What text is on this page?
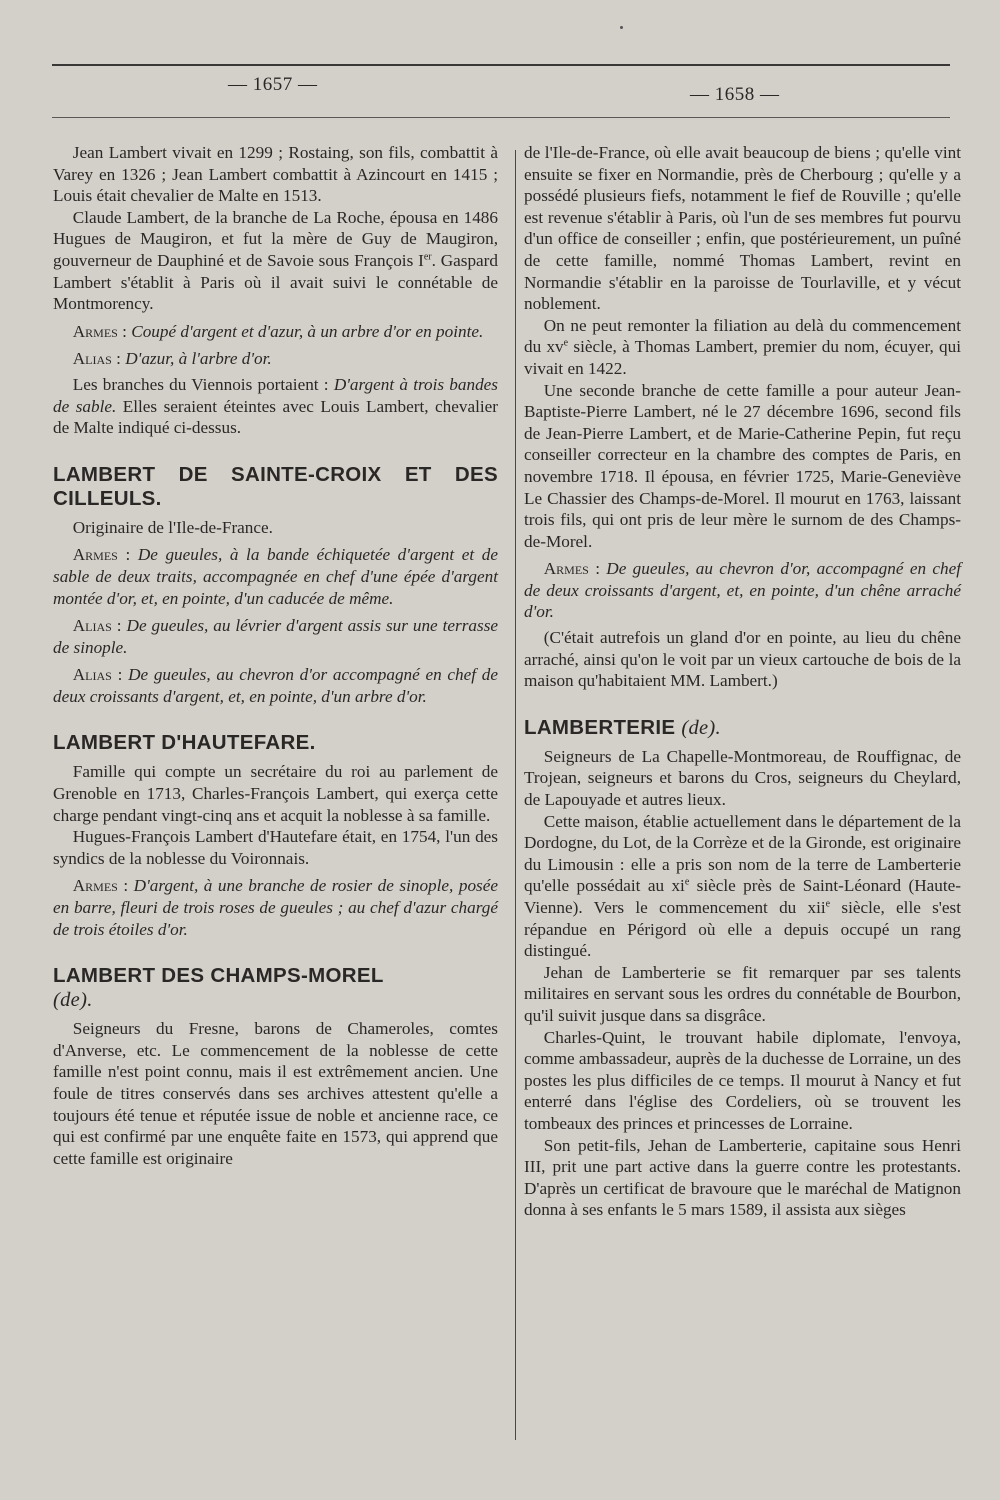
— 1657 —	— 1658 —

Jean Lambert vivait en 1299 ; Rostaing, son fils, combattit à Varey en 1326 ; Jean Lambert combattit à Azincourt en 1415 ; Louis était chevalier de Malte en 1513.

Claude Lambert, de la branche de La Roche, épousa en 1486 Hugues de Maugiron, et fut la mère de Guy de Maugiron, gouverneur de Dauphiné et de Savoie sous François Ier. Gaspard Lambert s'établit à Paris où il avait suivi le connétable de Montmorency.

Armes : Coupé d'argent et d'azur, à un arbre d'or en pointe.

Alias : D'azur, à l'arbre d'or.

Les branches du Viennois portaient : D'argent à trois bandes de sable. Elles seraient éteintes avec Louis Lambert, chevalier de Malte indiqué ci-dessus.

LAMBERT DE SAINTE-CROIX ET DES CILLEULS.

Originaire de l'Ile-de-France.

Armes : De gueules, à la bande échiquetée d'argent et de sable de deux traits, accompagnée en chef d'une épée d'argent montée d'or, et, en pointe, d'un caducée de même.

Alias : De gueules, au lévrier d'argent assis sur une terrasse de sinople.

Alias : De gueules, au chevron d'or accompagné en chef de deux croissants d'argent, et, en pointe, d'un arbre d'or.

LAMBERT D'HAUTEFARE.

Famille qui compte un secrétaire du roi au parlement de Grenoble en 1713, Charles-François Lambert, qui exerça cette charge pendant vingt-cinq ans et acquit la noblesse à sa famille.

Hugues-François Lambert d'Hautefare était, en 1754, l'un des syndics de la noblesse du Voironnais.

Armes : D'argent, à une branche de rosier de sinople, posée en barre, fleuri de trois roses de gueules ; au chef d'azur chargé de trois étoiles d'or.

LAMBERT DES CHAMPS-MOREL
(de).

Seigneurs du Fresne, barons de Chameroles, comtes d'Anverse, etc. Le commencement de la noblesse de cette famille n'est point connu, mais il est extrêmement ancien. Une foule de titres conservés dans ses archives attestent qu'elle a toujours été tenue et réputée issue de noble et ancienne race, ce qui est confirmé par une enquête faite en 1573, qui apprend que cette famille est originaire

de l'Ile-de-France, où elle avait beaucoup de biens ; qu'elle vint ensuite se fixer en Normandie, près de Cherbourg ; qu'elle y a possédé plusieurs fiefs, notamment le fief de Rouville ; qu'elle est revenue s'établir à Paris, où l'un de ses membres fut pourvu d'un office de conseiller ; enfin, que postérieurement, un puîné de cette famille, nommé Thomas Lambert, revint en Normandie s'établir en la paroisse de Tourlaville, et y vécut noblement.

On ne peut remonter la filiation au delà du commencement du $xv^e$ siècle, à Thomas Lambert, premier du nom, écuyer, qui vivait en 1422.

Une seconde branche de cette famille a pour auteur Jean-Baptiste-Pierre Lambert, né le 27 décembre 1696, second fils de Jean-Pierre Lambert, et de Marie-Catherine Pepin, fut reçu conseiller correcteur en la chambre des comptes de Paris, en novembre 1718. Il épousa, en février 1725, Marie-Geneviève Le Chassier des Champs-de-Morel. Il mourut en 1763, laissant trois fils, qui ont pris de leur mère le surnom de des Champs-de-Morel.

Armes : De gueules, au chevron d'or, accompagné en chef de deux croissants d'argent, et, en pointe, d'un chêne arraché d'or.

(C'était autrefois un gland d'or en pointe, au lieu du chêne arraché, ainsi qu'on le voit par un vieux cartouche de bois de la maison qu'habitaient MM. Lambert.)

LAMBERTERIE (de).

Seigneurs de La Chapelle-Montmoreau, de Rouffignac, de Trojean, seigneurs et barons du Cros, seigneurs du Cheylard, de Lapouyade et autres lieux.

Cette maison, établie actuellement dans le département de la Dordogne, du Lot, de la Corrèze et de la Gironde, est originaire du Limousin : elle a pris son nom de la terre de Lamberterie qu'elle possédait au $xi^e$ siècle près de Saint-Léonard (Haute-Vienne). Vers le commencement du xii$^e$ siècle, elle s'est répandue en Périgord où elle a depuis occupé un rang distingué.

Jehan de Lamberterie se fit remarquer par ses talents militaires en servant sous les ordres du connétable de Bourbon, qu'il suivit jusque dans sa disgrâce.

Charles-Quint, le trouvant habile diplomate, l'envoya, comme ambassadeur, auprès de la duchesse de Lorraine, un des postes les plus difficiles de ce temps. Il mourut à Nancy et fut enterré dans l'église des Cordeliers, où se trouvent les tombeaux des princes et princesses de Lorraine.

Son petit-fils, Jehan de Lamberterie, capitaine sous Henri III, prit une part active dans la guerre contre les protestants. D'après un certificat de bravoure que le maréchal de Matignon donna à ses enfants le 5 mars 1589, il assista aux sièges
